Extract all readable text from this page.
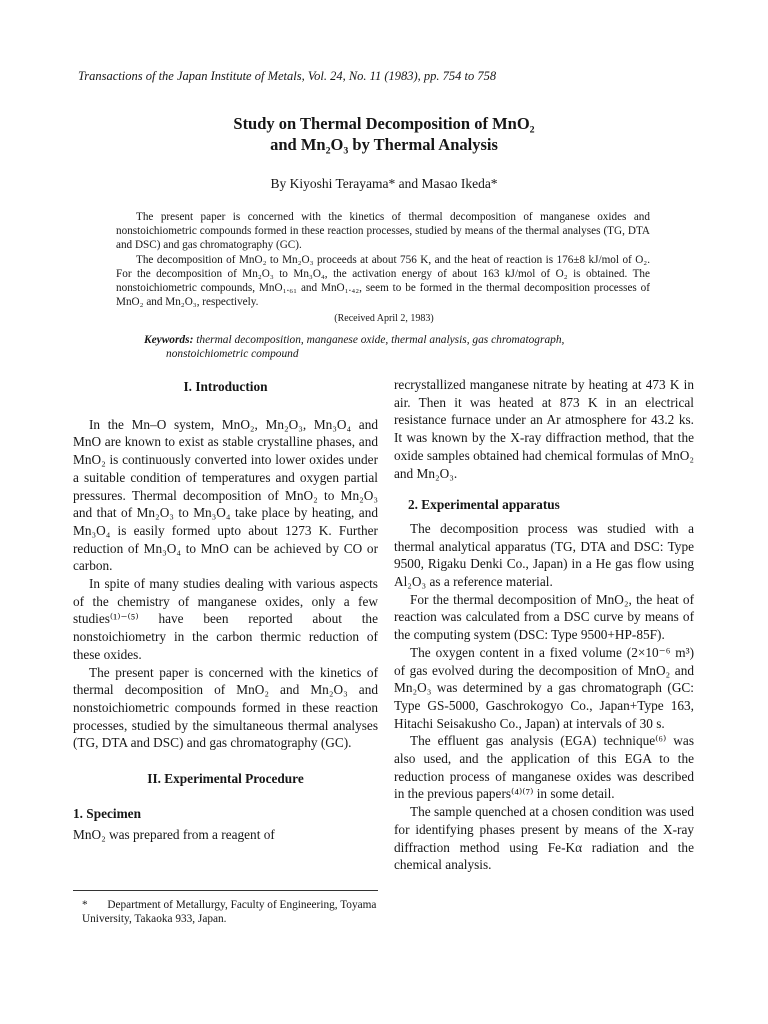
Transactions of the Japan Institute of Metals, Vol. 24, No. 11 (1983), pp. 754 to 758
Study on Thermal Decomposition of MnO₂
and Mn₂O₃ by Thermal Analysis
By Kiyoshi Terayama* and Masao Ikeda*

The present paper is concerned with the kinetics of thermal decomposition of manganese oxides and nonstoichiometric compounds formed in these reaction processes, studied by means of the thermal analyses (TG, DTA and DSC) and gas chromatography (GC).

The decomposition of MnO₂ to Mn₂O₃ proceeds at about 756 K, and the heat of reaction is 176±8 kJ/mol of O₂. For the decomposition of Mn₂O₃ to Mn₃O₄, the activation energy of about 163 kJ/mol of O₂ is obtained. The nonstoichiometric compounds, MnO₁.₆₁ and MnO₁.₄₂, seem to be formed in the thermal decomposition processes of MnO₂ and Mn₂O₃, respectively.

(Received April 2, 1983)
Keywords: thermal decomposition, manganese oxide, thermal analysis, gas chromatograph,
nonstoichiometric compound
I. Introduction

In the Mn–O system, MnO₂, Mn₂O₃, Mn₃O₄ and MnO are known to exist as stable crystalline phases, and MnO₂ is continuously converted into lower oxides under a suitable condition of temperatures and oxygen partial pressures. Thermal decomposition of MnO₂ to Mn₂O₃ and that of Mn₂O₃ to Mn₃O₄ take place by heating, and Mn₃O₄ is easily formed upto about 1273 K. Further reduction of Mn₃O₄ to MnO can be achieved by CO or carbon.

In spite of many studies dealing with various aspects of the chemistry of manganese oxides, only a few studies⁽¹⁾⁻⁽⁵⁾ have been reported about the nonstoichiometry in the carbon thermic reduction of these oxides.

The present paper is concerned with the kinetics of thermal decomposition of MnO₂ and Mn₂O₃ and nonstoichiometric compounds formed in these reaction processes, studied by the simultaneous thermal analyses (TG, DTA and DSC) and gas chromatography (GC).

II. Experimental Procedure
1. Specimen

MnO₂ was prepared from a reagent of

recrystallized manganese nitrate by heating at 473 K in air. Then it was heated at 873 K in an electrical resistance furnace under an Ar atmosphere for 43.2 ks. It was known by the X-ray diffraction method, that the oxide samples obtained had chemical formulas of MnO₂ and Mn₂O₃.

2. Experimental apparatus

The decomposition process was studied with a thermal analytical apparatus (TG, DTA and DSC: Type 9500, Rigaku Denki Co., Japan) in a He gas flow using Al₂O₃ as a reference material.

For the thermal decomposition of MnO₂, the heat of reaction was calculated from a DSC curve by means of the computing system (DSC: Type 9500+HP-85F).

The oxygen content in a fixed volume (2×10⁻⁶ m³) of gas evolved during the decomposition of MnO₂ and Mn₂O₃ was determined by a gas chromatograph (GC: Type GS-5000, Gaschrokogyo Co., Japan+Type 163, Hitachi Seisakusho Co., Japan) at intervals of 30 s.

The effluent gas analysis (EGA) technique⁽⁶⁾ was also used, and the application of this EGA to the reduction process of manganese oxides was described in the previous papers⁽⁴⁾⁽⁷⁾ in some detail.

The sample quenched at a chosen condition was used for identifying phases present by means of the X-ray diffraction method using Fe-Kα radiation and the chemical analysis.

* Department of Metallurgy, Faculty of Engineering, Toyama University, Takaoka 933, Japan.
